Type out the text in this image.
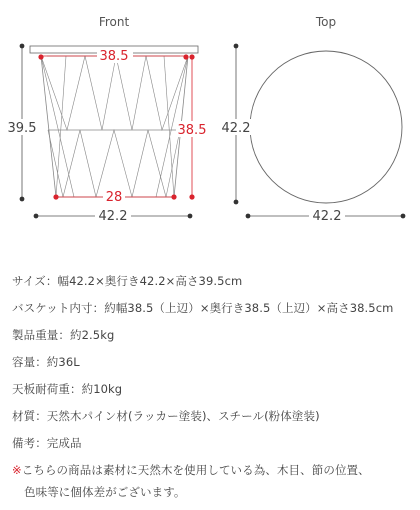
Front	Top
38.5
28
38.5
39.5
42.2
42.2
42.2
サイズ：幅42.2×奥行き42.2×高さ39.5cm
バスケット内寸：約幅38.5（上辺）×奥行き38.5（上辺）×高さ38.5cm
製品重量：約2.5kg
容量：約36L
天板耐荷重：約10kg
材質：天然木パイン材(ラッカー塗装)、スチール(粉体塗装)
備考：完成品
※こちらの商品は素材に天然木を使用している為、木目、節の位置、
色味等に個体差がございます。
